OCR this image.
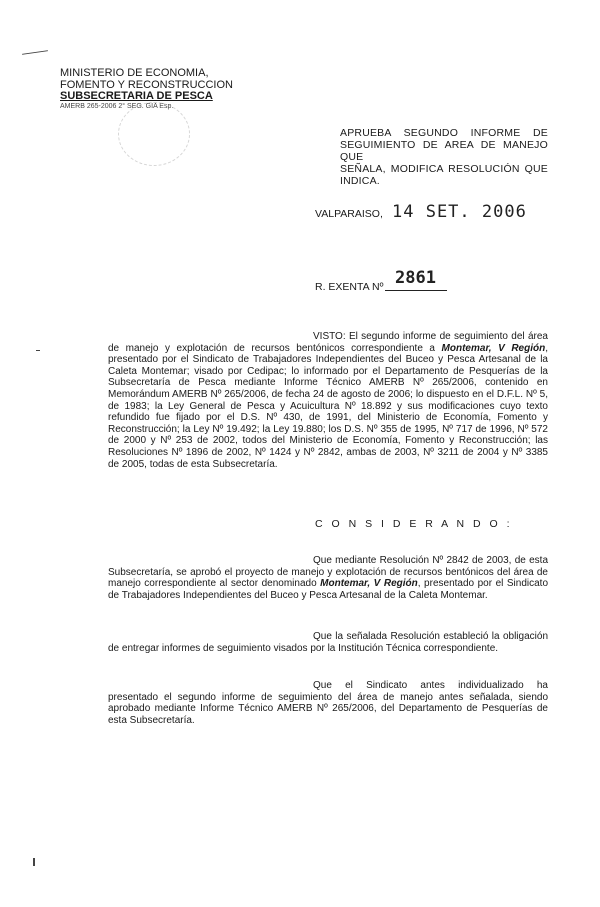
MINISTERIO DE ECONOMIA,
FOMENTO Y RECONSTRUCCION
SUBSECRETARIA DE PESCA
AMERB 265-2006 2° SEG. GIA Esp.
APRUEBA SEGUNDO INFORME DE
SEGUIMIENTO DE AREA DE MANEJO QUE
SEÑALA, MODIFICA RESOLUCIÓN QUE
INDICA.
VALPARAISO, 14 SET. 2006
R. EXENTA Nº 2861
VISTO: El segundo informe de seguimiento del área de manejo y explotación de recursos bentónicos correspondiente a Montemar, V Región, presentado por el Sindicato de Trabajadores Independientes del Buceo y Pesca Artesanal de la Caleta Montemar; visado por Cedipac; lo informado por el Departamento de Pesquerías de la Subsecretaría de Pesca mediante Informe Técnico AMERB Nº 265/2006, contenido en Memorándum AMERB Nº 265/2006, de fecha 24 de agosto de 2006; lo dispuesto en el D.F.L. Nº 5, de 1983; la Ley General de Pesca y Acuicultura Nº 18.892 y sus modificaciones cuyo texto refundido fue fijado por el D.S. Nº 430, de 1991, del Ministerio de Economía, Fomento y Reconstrucción; la Ley Nº 19.492; la Ley 19.880; los D.S. Nº 355 de 1995, Nº 717 de 1996, Nº 572 de 2000 y Nº 253 de 2002, todos del Ministerio de Economía, Fomento y Reconstrucción; las Resoluciones Nº 1896 de 2002, Nº 1424 y Nº 2842, ambas de 2003, Nº 3211 de 2004 y Nº 3385 de 2005, todas de esta Subsecretaría.
C O N S I D E R A N D O :
Que mediante Resolución Nº 2842 de 2003, de esta Subsecretaría, se aprobó el proyecto de manejo y explotación de recursos bentónicos del área de manejo correspondiente al sector denominado Montemar, V Región, presentado por el Sindicato de Trabajadores Independientes del Buceo y Pesca Artesanal de la Caleta Montemar.
Que la señalada Resolución estableció la obligación de entregar informes de seguimiento visados por la Institución Técnica correspondiente.
Que el Sindicato antes individualizado ha presentado el segundo informe de seguimiento del área de manejo antes señalada, siendo aprobado mediante Informe Técnico AMERB Nº 265/2006, del Departamento de Pesquerías de esta Subsecretaría.
